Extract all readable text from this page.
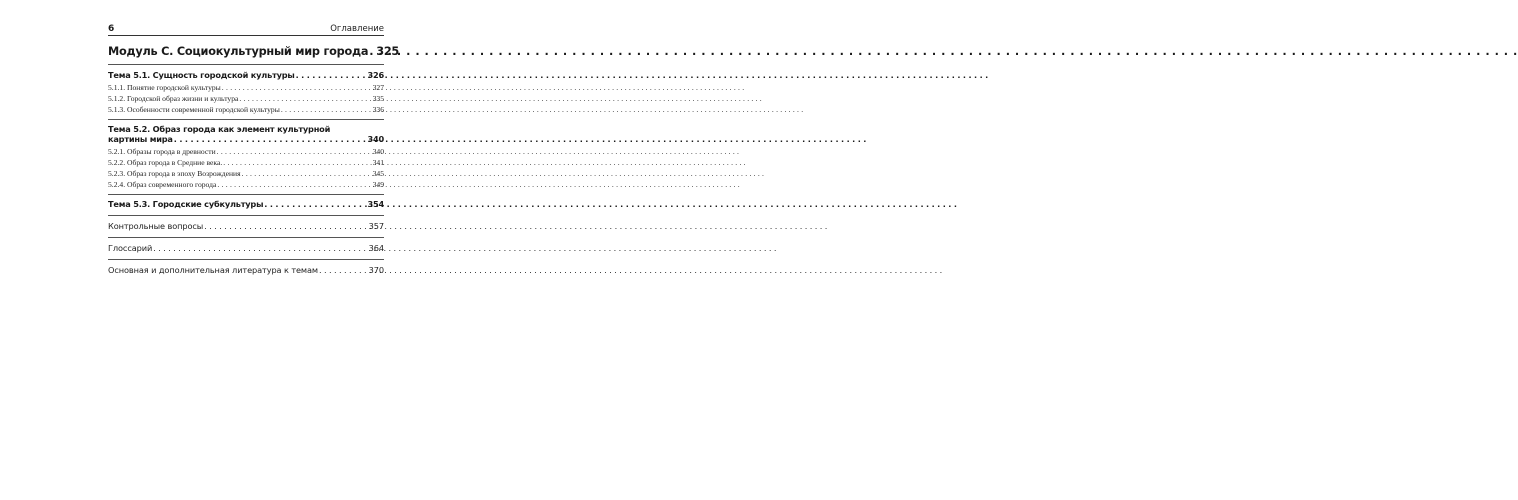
6	Оглавление
Модуль С. Социокультурный мир города . . . 325
Тема 5.1. Сущность городской культуры . . .	326
5.1.1. Понятие городской культуры . . .	327
5.1.2. Городской образ жизни и культура . . .	335
5.1.3. Особенности современной городской культуры . . .	336
Тема 5.2. Образ города как элемент культурной
картины мира . . .	340
5.2.1. Образы города в древности . . .	340
5.2.2. Образ города в Средние века. . . .	341
5.2.3. Образ города в эпоху Возрождения . . .	345
5.2.4. Образ современного города . . .	349
Тема 5.3. Городские субкультуры . . .	354
Контрольные вопросы . . .	357
Глоссарий . . .	364
Основная и дополнительная литература к темам . . .	370
